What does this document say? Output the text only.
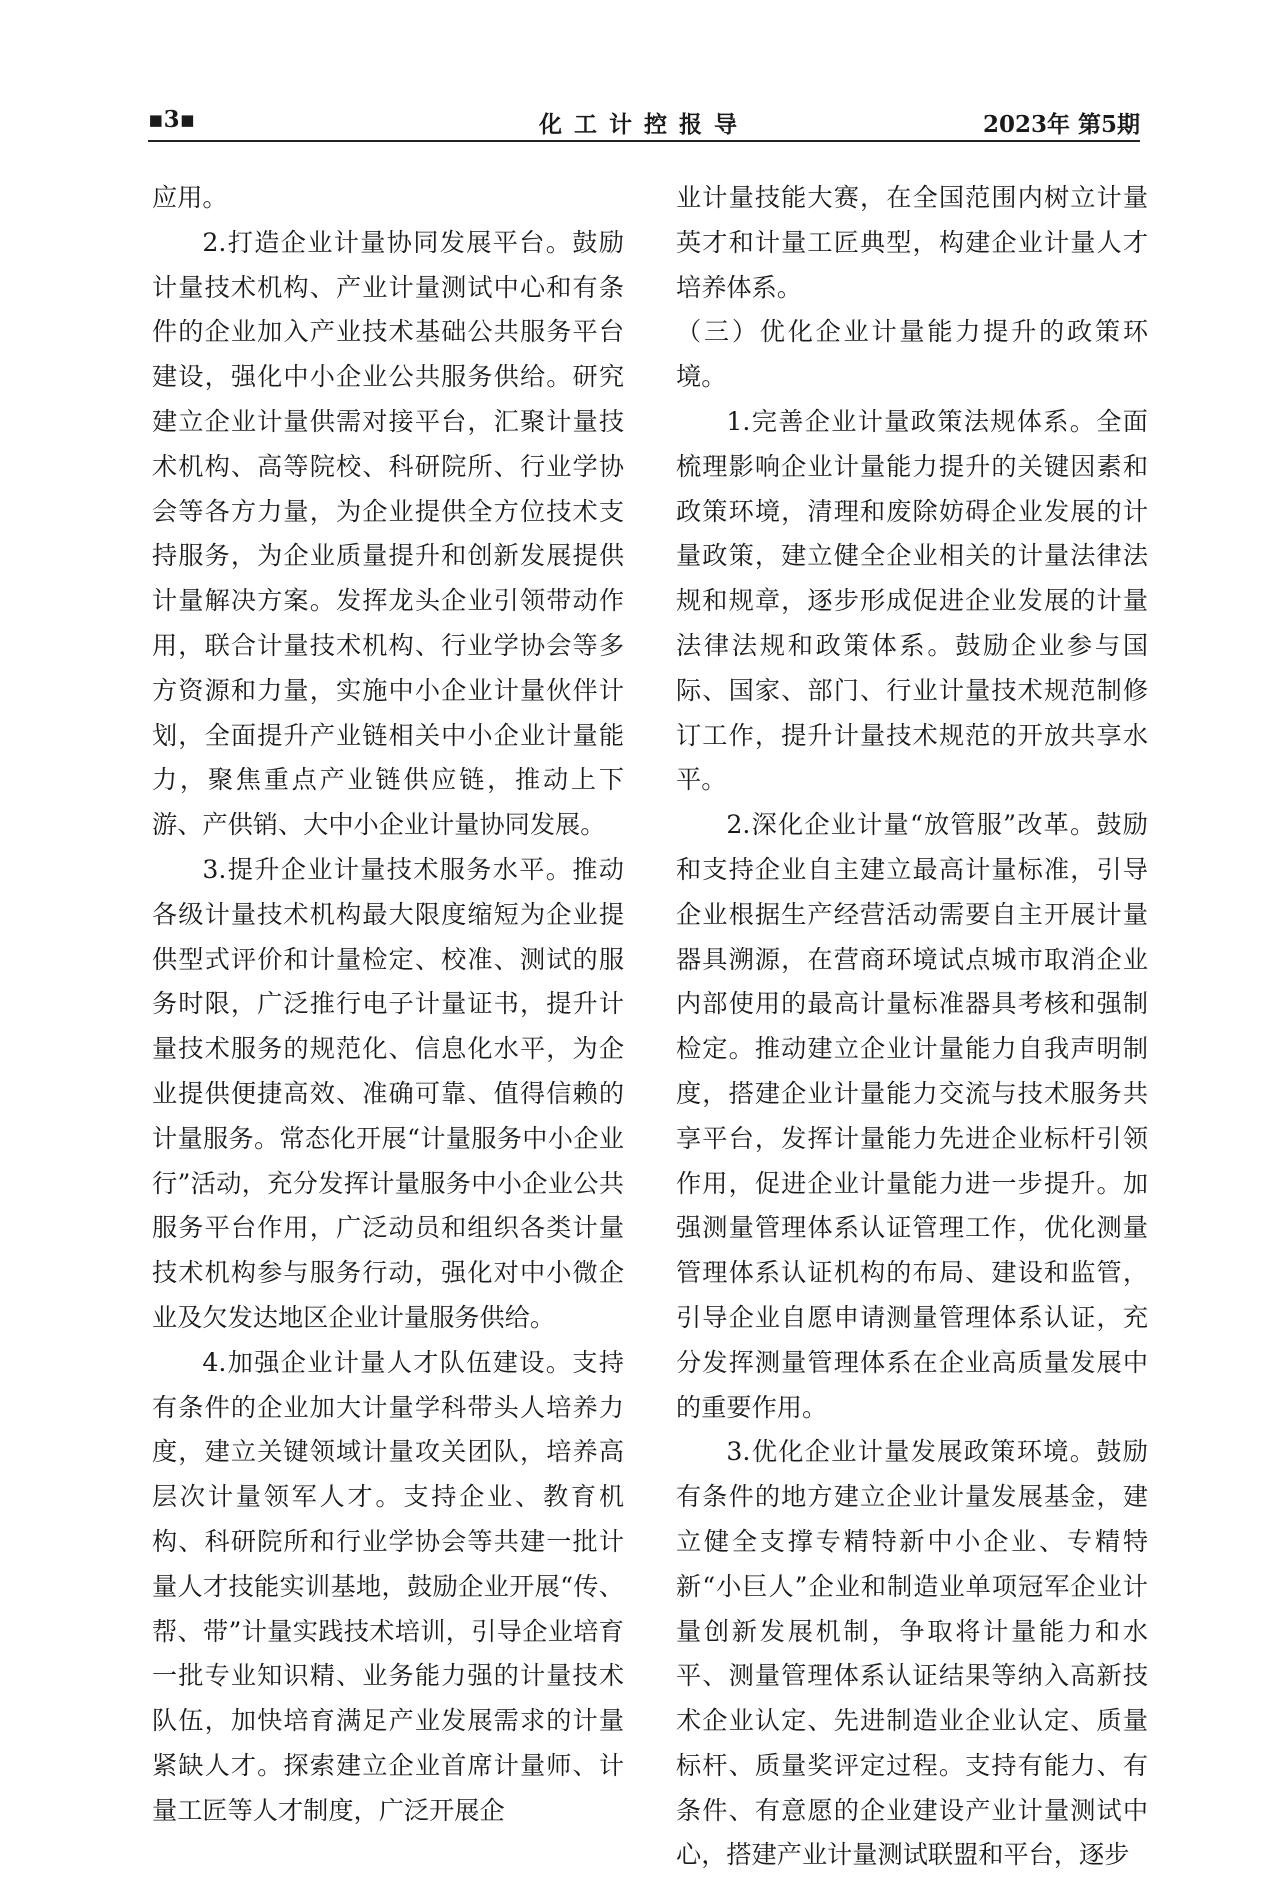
▪3▪	化工计控报导	2023年 第5期

应用。

2.打造企业计量协同发展平台。鼓励计量技术机构、产业计量测试中心和有条件的企业加入产业技术基础公共服务平台建设，强化中小企业公共服务供给。研究建立企业计量供需对接平台，汇聚计量技术机构、高等院校、科研院所、行业学协会等各方力量，为企业提供全方位技术支持服务，为企业质量提升和创新发展提供计量解决方案。发挥龙头企业引领带动作用，联合计量技术机构、行业学协会等多方资源和力量，实施中小企业计量伙伴计划，全面提升产业链相关中小企业计量能力，聚焦重点产业链供应链，推动上下游、产供销、大中小企业计量协同发展。

3.提升企业计量技术服务水平。推动各级计量技术机构最大限度缩短为企业提供型式评价和计量检定、校准、测试的服务时限，广泛推行电子计量证书，提升计量技术服务的规范化、信息化水平，为企业提供便捷高效、准确可靠、值得信赖的计量服务。常态化开展“计量服务中小企业行”活动，充分发挥计量服务中小企业公共服务平台作用，广泛动员和组织各类计量技术机构参与服务行动，强化对中小微企业及欠发达地区企业计量服务供给。

4.加强企业计量人才队伍建设。支持有条件的企业加大计量学科带头人培养力度，建立关键领域计量攻关团队，培养高层次计量领军人才。支持企业、教育机构、科研院所和行业学协会等共建一批计量人才技能实训基地，鼓励企业开展“传、帮、带”计量实践技术培训，引导企业培育一批专业知识精、业务能力强的计量技术队伍，加快培育满足产业发展需求的计量紧缺人才。探索建立企业首席计量师、计量工匠等人才制度，广泛开展企

业计量技能大赛，在全国范围内树立计量英才和计量工匠典型，构建企业计量人才培养体系。

（三）优化企业计量能力提升的政策环境。

1.完善企业计量政策法规体系。全面梳理影响企业计量能力提升的关键因素和政策环境，清理和废除妨碍企业发展的计量政策，建立健全企业相关的计量法律法规和规章，逐步形成促进企业发展的计量法律法规和政策体系。鼓励企业参与国际、国家、部门、行业计量技术规范制修订工作，提升计量技术规范的开放共享水平。

2.深化企业计量“放管服”改革。鼓励和支持企业自主建立最高计量标准，引导企业根据生产经营活动需要自主开展计量器具溯源，在营商环境试点城市取消企业内部使用的最高计量标准器具考核和强制检定。推动建立企业计量能力自我声明制度，搭建企业计量能力交流与技术服务共享平台，发挥计量能力先进企业标杆引领作用，促进企业计量能力进一步提升。加强测量管理体系认证管理工作，优化测量管理体系认证机构的布局、建设和监管，引导企业自愿申请测量管理体系认证，充分发挥测量管理体系在企业高质量发展中的重要作用。

3.优化企业计量发展政策环境。鼓励有条件的地方建立企业计量发展基金，建立健全支撑专精特新中小企业、专精特新“小巨人”企业和制造业单项冠军企业计量创新发展机制，争取将计量能力和水平、测量管理体系认证结果等纳入高新技术企业认定、先进制造业企业认定、质量标杆、质量奖评定过程。支持有能力、有条件、有意愿的企业建设产业计量测试中心，搭建产业计量测试联盟和平台，逐步
